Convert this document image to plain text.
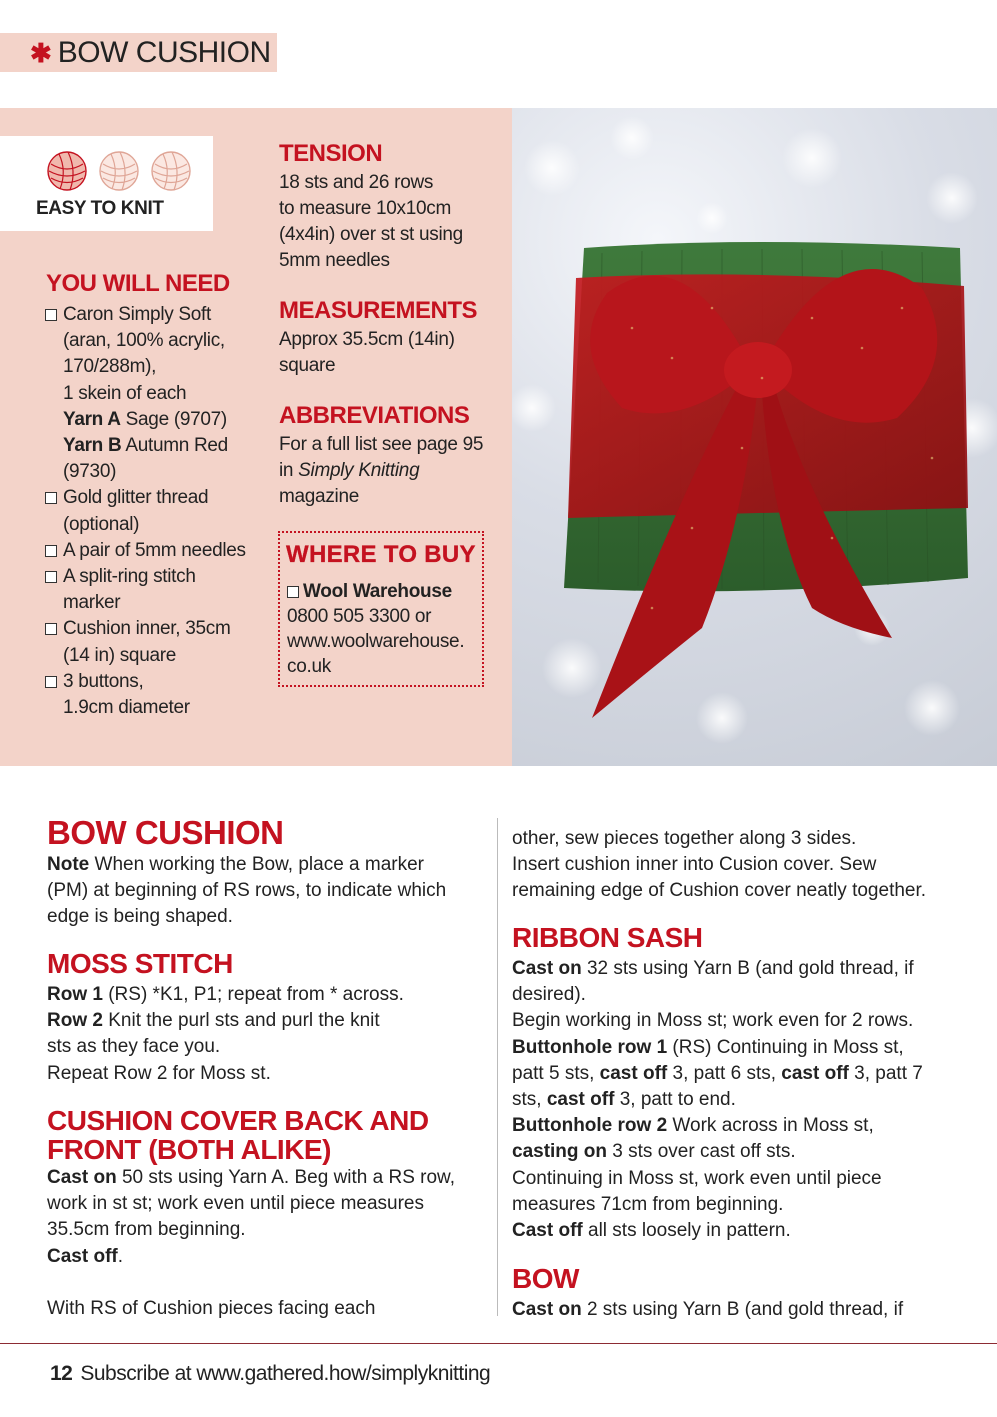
✱ BOW CUSHION
EASY TO KNIT
YOU WILL NEED
Caron Simply Soft
(aran, 100% acrylic,
170/288m),
1 skein of each
Yarn A Sage (9707)
Yarn B Autumn Red
(9730)
Gold glitter thread
(optional)
A pair of 5mm needles
A split-ring stitch
marker
Cushion inner, 35cm
(14 in) square
3 buttons,
1.9cm diameter
TENSION
18 sts and 26 rows
to measure 10x10cm
(4x4in) over st st using
5mm needles
MEASUREMENTS
Approx 35.5cm (14in)
square
ABBREVIATIONS
For a full list see page 95
in Simply Knitting
magazine
WHERE TO BUY
Wool Warehouse
0800 505 3300 or
www.woolwarehouse.
co.uk
BOW CUSHION

Note When working the Bow, place a marker

(PM) at beginning of RS rows, to indicate which

edge is being shaped.

MOSS STITCH

Row 1 (RS) *K1, P1; repeat from * across.

Row 2 Knit the purl sts and purl the knit

sts as they face you.

Repeat Row 2 for Moss st.

CUSHION COVER BACK AND
FRONT (BOTH ALIKE)

Cast on 50 sts using Yarn A. Beg with a RS row,

work in st st; work even until piece measures

35.5cm from beginning.

Cast off.

With RS of Cushion pieces facing each

other, sew pieces together along 3 sides.

Insert cushion inner into Cusion cover. Sew

remaining edge of Cushion cover neatly together.

RIBBON SASH

Cast on 32 sts using Yarn B (and gold thread, if

desired).

Begin working in Moss st; work even for 2 rows.

Buttonhole row 1 (RS) Continuing in Moss st,

patt 5 sts, cast off 3, patt 6 sts, cast off 3, patt 7

sts, cast off 3, patt to end.

Buttonhole row 2 Work across in Moss st,

casting on 3 sts over cast off sts.

Continuing in Moss st, work even until piece

measures 71cm from beginning.

Cast off all sts loosely in pattern.

BOW

Cast on 2 sts using Yarn B (and gold thread, if

12 Subscribe at www.gathered.how/simplyknitting
